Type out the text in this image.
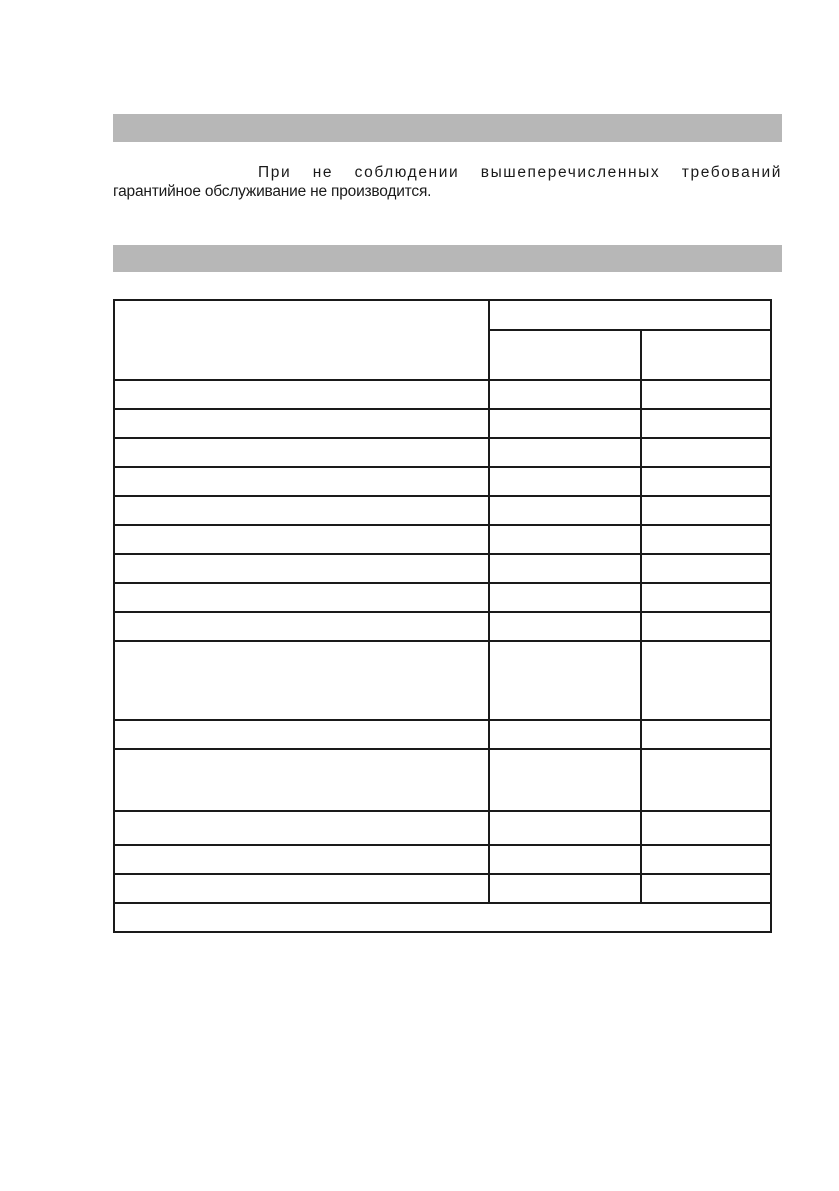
При не соблюдении вышеперечисленных требований
гарантийное обслуживание не производится.
